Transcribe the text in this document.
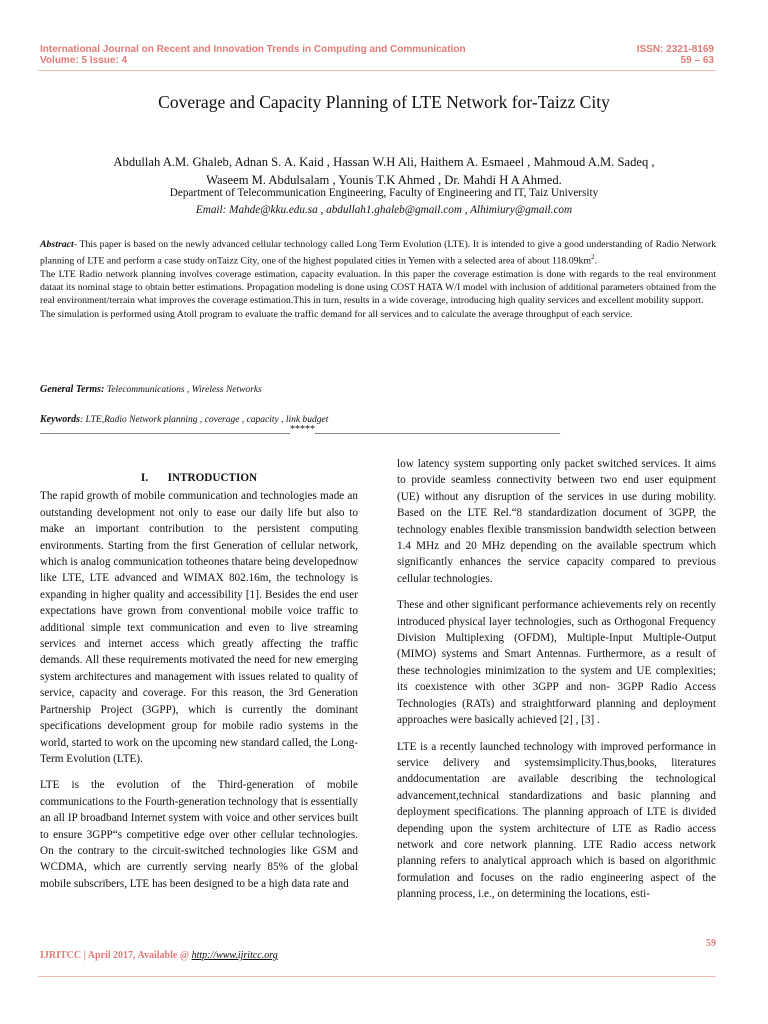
International Journal on Recent and Innovation Trends in Computing and Communication
Volume: 5 Issue: 4
ISSN: 2321-8169
59 – 63
Coverage and Capacity Planning of LTE Network for-Taizz City
Abdullah A.M. Ghaleb, Adnan S. A. Kaid , Hassan W.H Ali, Haithem A. Esmaeel , Mahmoud A.M. Sadeq ,
Waseem M. Abdulsalam , Younis T.K Ahmed , Dr. Mahdi H A Ahmed.
Department of Telecommunication Engineering, Faculty of Engineering and IT, Taiz University
Email: Mahde@kku.edu.sa , abdullah1.ghaleb@gmail.com , Alhimiury@gmail.com

Abstract- This paper is based on the newly advanced cellular technology called Long Term Evolution (LTE). It is intended to give a good understanding of Radio Network planning of LTE and perform a case study onTaizz City, one of the highest populated cities in Yemen with a selected area of about $118.09km^2$.

The LTE Radio network planning involves coverage estimation, capacity evaluation. In this paper the coverage estimation is done with regards to the real environment dataat its nominal stage to obtain better estimations. Propagation modeling is done using COST HATA W/I model with inclusion of additional parameters obtained from the real environment/terrain what improves the coverage estimation.This in turn, results in a wide coverage, introducing high quality services and excellent mobility support.

The simulation is performed using Atoll program to evaluate the traffic demand for all services and to calculate the average throughput of each service.

General Terms: Telecommunications , Wireless Networks
Keywords: LTE,Radio Network planning , coverage , capacity , link budget
__________________________________________________*****_________________________________________________
I. INTRODUCTION

The rapid growth of mobile communication and technologies made an outstanding development not only to ease our daily life but also to make an important contribution to the persistent computing environments. Starting from the first Generation of cellular network, which is analog communication totheones thatare being developednow like LTE, LTE advanced and WIMAX 802.16m, the technology is expanding in higher quality and accessibility [1]. Besides the end user expectations have grown from conventional mobile voice traffic to additional simple text communication and even to live streaming services and internet access which greatly affecting the traffic demands. All these requirements motivated the need for new emerging system architectures and management with issues related to quality of service, capacity and coverage. For this reason, the 3rd Generation Partnership Project (3GPP), which is currently the dominant specifications development group for mobile radio systems in the world, started to work on the upcoming new standard called, the Long-Term Evolution (LTE).

LTE is the evolution of the Third-generation of mobile communications to the Fourth-generation technology that is essentially an all IP broadband Internet system with voice and other services built to ensure 3GPP“s competitive edge over other cellular technologies. On the contrary to the circuit-switched technologies like GSM and WCDMA, which are currently serving nearly 85% of the global mobile subscribers, LTE has been designed to be a high data rate and

low latency system supporting only packet switched services. It aims to provide seamless connectivity between two end user equipment (UE) without any disruption of the services in use during mobility. Based on the LTE Rel.“8 standardization document of 3GPP, the technology enables flexible transmission bandwidth selection between 1.4 MHz and 20 MHz depending on the available spectrum which significantly enhances the service capacity compared to previous cellular technologies.

These and other significant performance achievements rely on recently introduced physical layer technologies, such as Orthogonal Frequency Division Multiplexing (OFDM), Multiple-Input Multiple-Output (MIMO) systems and Smart Antennas. Furthermore, as a result of these technologies minimization to the system and UE complexities; its coexistence with other 3GPP and non- 3GPP Radio Access Technologies (RATs) and straightforward planning and deployment approaches were basically achieved [2] , [3] .

LTE is a recently launched technology with improved performance in service delivery and systemsimplicity.Thus,books, literatures anddocumentation are available describing the technological advancement,technical standardizations and basic planning and deployment specifications. The planning approach of LTE is divided depending upon the system architecture of LTE as Radio access network and core network planning. LTE Radio access network planning refers to analytical approach which is based on algorithmic formulation and focuses on the radio engineering aspect of the planning process, i.e., on determining the locations, esti-

59
IJRITCC | April 2017, Available @ http://www.ijritcc.org
